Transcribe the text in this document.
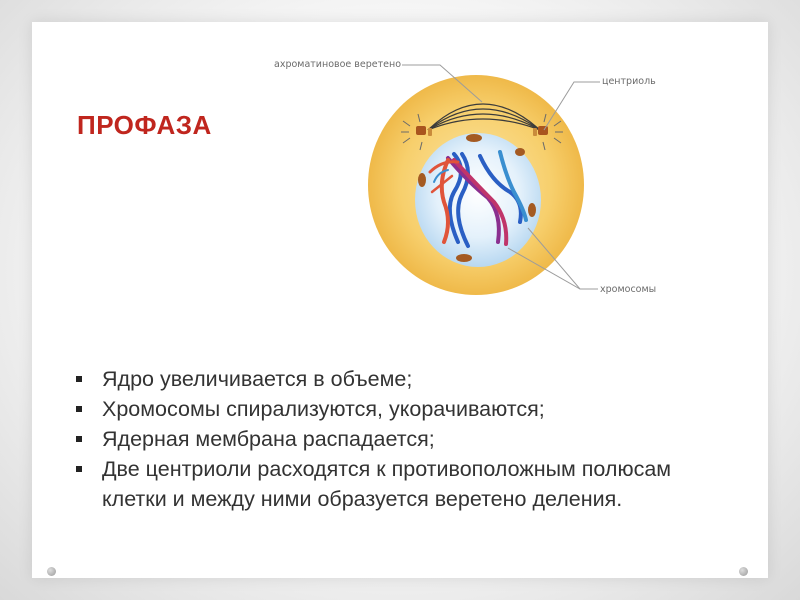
ПРОФАЗА
ахроматиновое веретено
центриоль
хромосомы
Ядро увеличивается в объеме;
Хромосомы спирализуются, укорачиваются;
Ядерная мембрана распадается;
Две центриоли расходятся к противоположным полюсам клетки и между ними образуется веретено деления.
